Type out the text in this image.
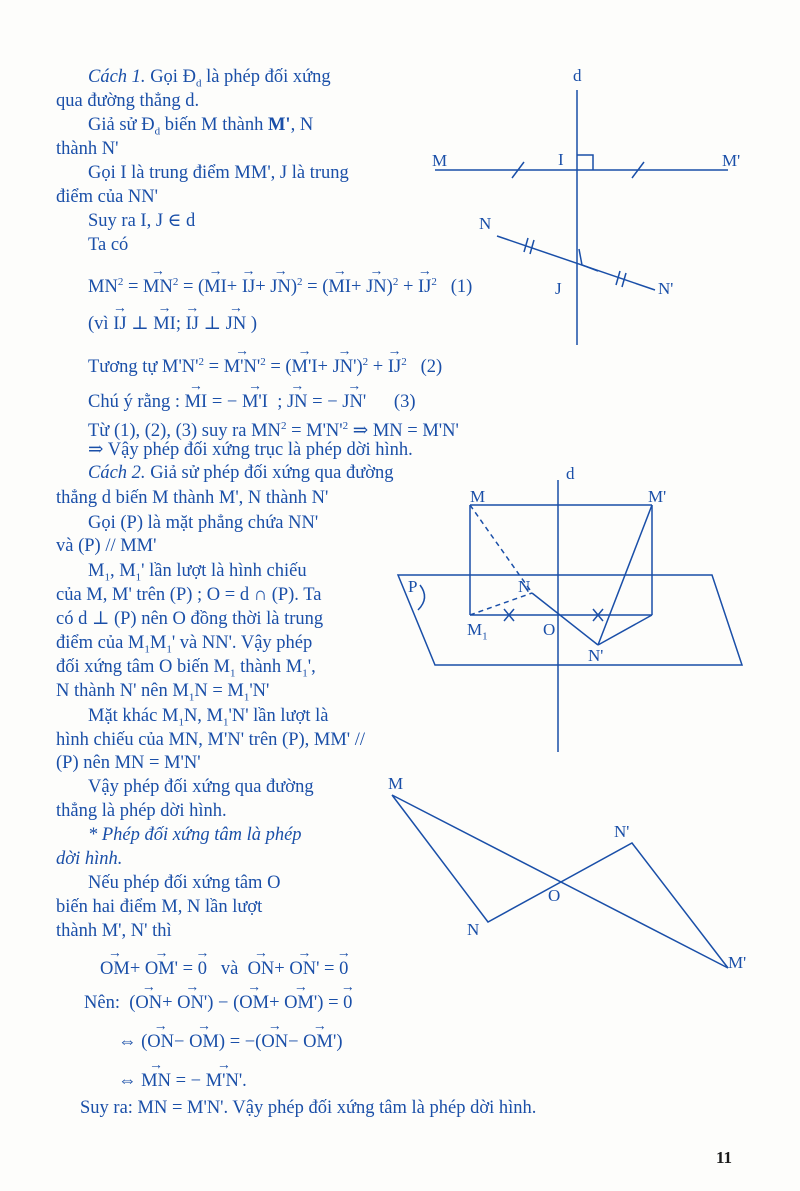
Cách 1. Gọi $Đ_d$ là phép đối xứng
qua đường thẳng d.
Giả sử $Đ_d$ biến M thành M', N
thành N'
Gọi I là trung điểm MM', J là trung
điểm của NN'
Suy ra I, J ∈ d
Ta có
$MN^2$ = → $MN^2$ = (→ MI+ → IJ+ → JN)$^2$ = (→ MI+ → JN)$^2$ + → $IJ^2$   (1)
(vì → IJ ⊥ → MI; → IJ ⊥ → JN )
Tương tự $M'N'^2$ = → $M'N'^2$ = (→ M'I+ → JN')$^2$ + → $IJ^2$   (2)
Chú ý rằng : → MI = − → M'I  ; → JN = − → JN'      (3)
Từ (1), (2), (3) suy ra $MN^2 = M'N'^2$ ⇒ MN = M'N'
⇒ Vậy phép đối xứng trục là phép dời hình.
Cách 2. Giả sử phép đối xứng qua đường
thẳng d biến M thành M', N thành N'
Gọi (P) là mặt phẳng chứa NN'
và (P) // MM'
$M_1$, $M_1'$ lần lượt là hình chiếu
của M, M' trên (P) ; O = d ∩ (P). Ta
có d ⊥ (P) nên O đồng thời là trung
điểm của $M_1M_1'$ và NN'. Vậy phép
đối xứng tâm O biến $M_1$ thành $M_1'$,
N thành N' nên $M_1N = M_1'N'$
Mặt khác $M_1N$, $M_1'N'$ lần lượt là
hình chiếu của MN, M'N' trên (P), MM' //
(P) nên MN = M'N'
Vậy phép đối xứng qua đường
thẳng là phép dời hình.
* Phép đối xứng tâm là phép
dời hình.
Nếu phép đối xứng tâm O
biến hai điểm M, N lần lượt
thành M', N' thì
→ OM+ → OM' = → 0   và  → ON+ → ON' = → 0
Nên:  (→ ON+ → ON') − (→ OM+ → OM') = → 0
⇔ (→ ON− → OM) = −(→ ON− → OM')
⇔ → MN = − → M'N'.
Suy ra: MN = M'N'. Vậy phép đối xứng tâm là phép dời hình.
d
M	I	M'
N
J	N'
d
M	M'
P	N
$M_1$	O
N'
M
N'
O
N
M'
11
